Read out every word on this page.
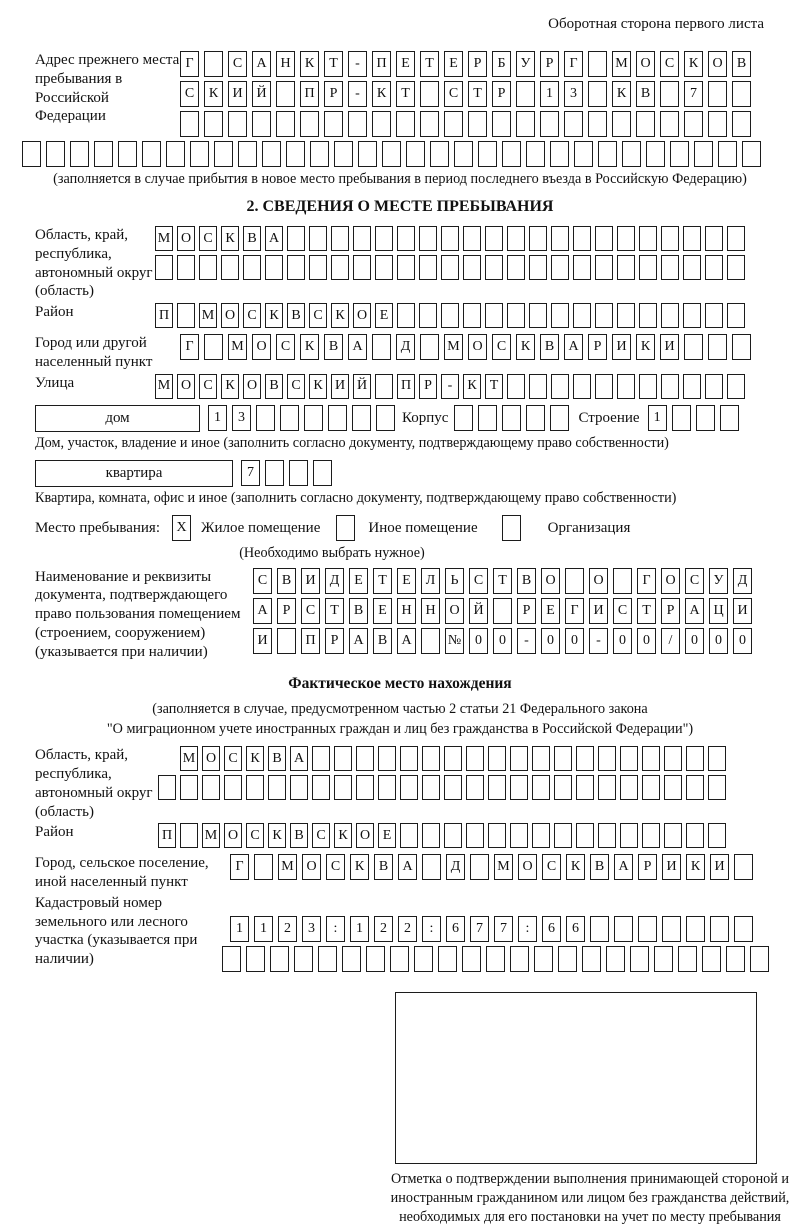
Оборотная сторона первого листа
Адрес прежнего места пребывания в Российской Федерации
Г	С	А Н	К	Т	-	П	Е	Т	Е	Р	Б	У	Р	Г	М О	С	К	О	В
С	К	И Й	П	Р	-	К	Т	С	Т	Р	1	3	К	В	7
(заполняется в случае прибытия в новое место пребывания в период последнего въезда в Российскую Федерацию)
2. СВЕДЕНИЯ О МЕСТЕ ПРЕБЫВАНИЯ
Область, край, республика, автономный округ (область)
М О С К В А
Район	П М О С К В С К О Е
Город или другой населенный пункт
Г	М О	С	К	В	А	Д	М О	С	К	В	А	Р	И	К	И
Улица	М О С К О В С К И Й П Р	-	К Т
дом	1	3	Корпус	Строение	1
Дом, участок, владение и иное (заполнить согласно документу, подтверждающему право собственности)
квартира	7
Квартира, комната, офис и иное (заполнить согласно документу, подтверждающему право собственности)
Место пребывания:	X Жилое помещение	Иное помещение	Организация
(Необходимо выбрать нужное)
Наименование и реквизиты документа, подтверждающего право пользования помещением (строением, сооружением) (указывается при наличии)
С	В	И	Д	Е	Т	Е	Л	Ь	С	Т	В	О	О	Г	О	С	У	Д
А	Р	С	Т	В	Е	Н Н О Й	Р	Е	Г	И	С	Т	Р	А Ц И
И	П	Р	А	В	А	№ 0	0	-	0	0	-	0	0	/	0	0	0
Фактическое место нахождения
(заполняется в случае, предусмотренном частью 2 статьи 21 Федерального закона
"О миграционном учете иностранных граждан и лиц без гражданства в Российской Федерации")
Область, край, республика, автономный округ (область)
М О С К В А
Район	П М О С К В С К О Е
Город, сельское поселение, иной населенный пункт
Г	М О	С	К	В	А	Д	М О	С	К	В	А	Р	И	К	И
Кадастровый номер земельного или лесного участка (указывается при наличии)
1	1	2	3	:	1	2	2	:	6	7	7	:	6	6
Отметка о подтверждении выполнения принимающей стороной и иностранным гражданином или лицом без гражданства действий, необходимых для его постановки на учет по месту пребывания
